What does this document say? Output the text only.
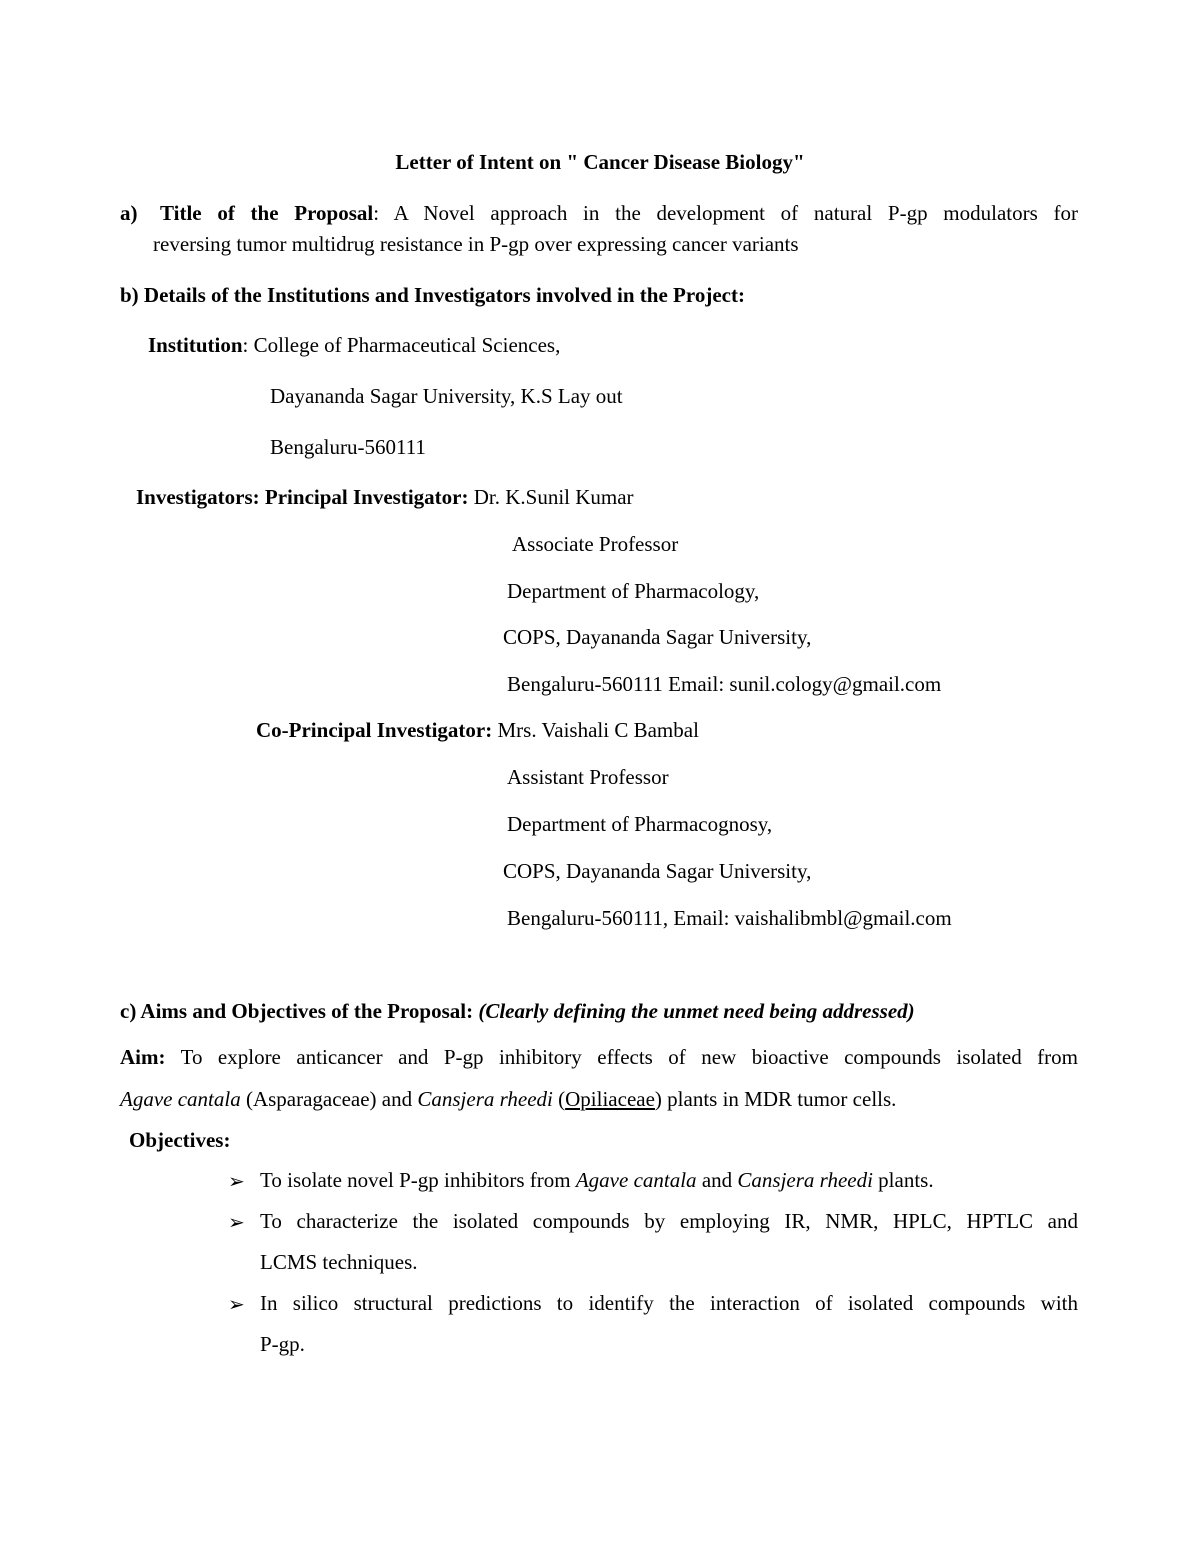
Letter of Intent on " Cancer Disease Biology"
a) Title of the Proposal: A Novel approach in the development of natural P-gp modulators for
reversing tumor multidrug resistance in P-gp over expressing cancer variants
b) Details of the Institutions and Investigators involved in the Project:
Institution: College of Pharmaceutical Sciences,
Dayananda Sagar University, K.S Lay out
Bengaluru-560111
Investigators: Principal Investigator: Dr. K.Sunil Kumar
Associate Professor
Department of Pharmacology,
COPS, Dayananda Sagar University,
Bengaluru-560111 Email: sunil.cology@gmail.com
Co-Principal Investigator: Mrs. Vaishali C Bambal
Assistant Professor
Department of Pharmacognosy,
COPS, Dayananda Sagar University,
Bengaluru-560111, Email: vaishalibmbl@gmail.com
c) Aims and Objectives of the Proposal: (Clearly defining the unmet need being addressed)
Aim: To explore anticancer and P-gp inhibitory effects of new bioactive compounds isolated from
Agave cantala (Asparagaceae) and Cansjera rheedi (Opiliaceae) plants in MDR tumor cells.
Objectives:
➢ To isolate novel P-gp inhibitors from Agave cantala and Cansjera rheedi plants.
➢ To characterize the isolated compounds by employing IR, NMR, HPLC, HPTLC and
LCMS techniques.
➢ In silico structural predictions to identify the interaction of isolated compounds with
P-gp.
